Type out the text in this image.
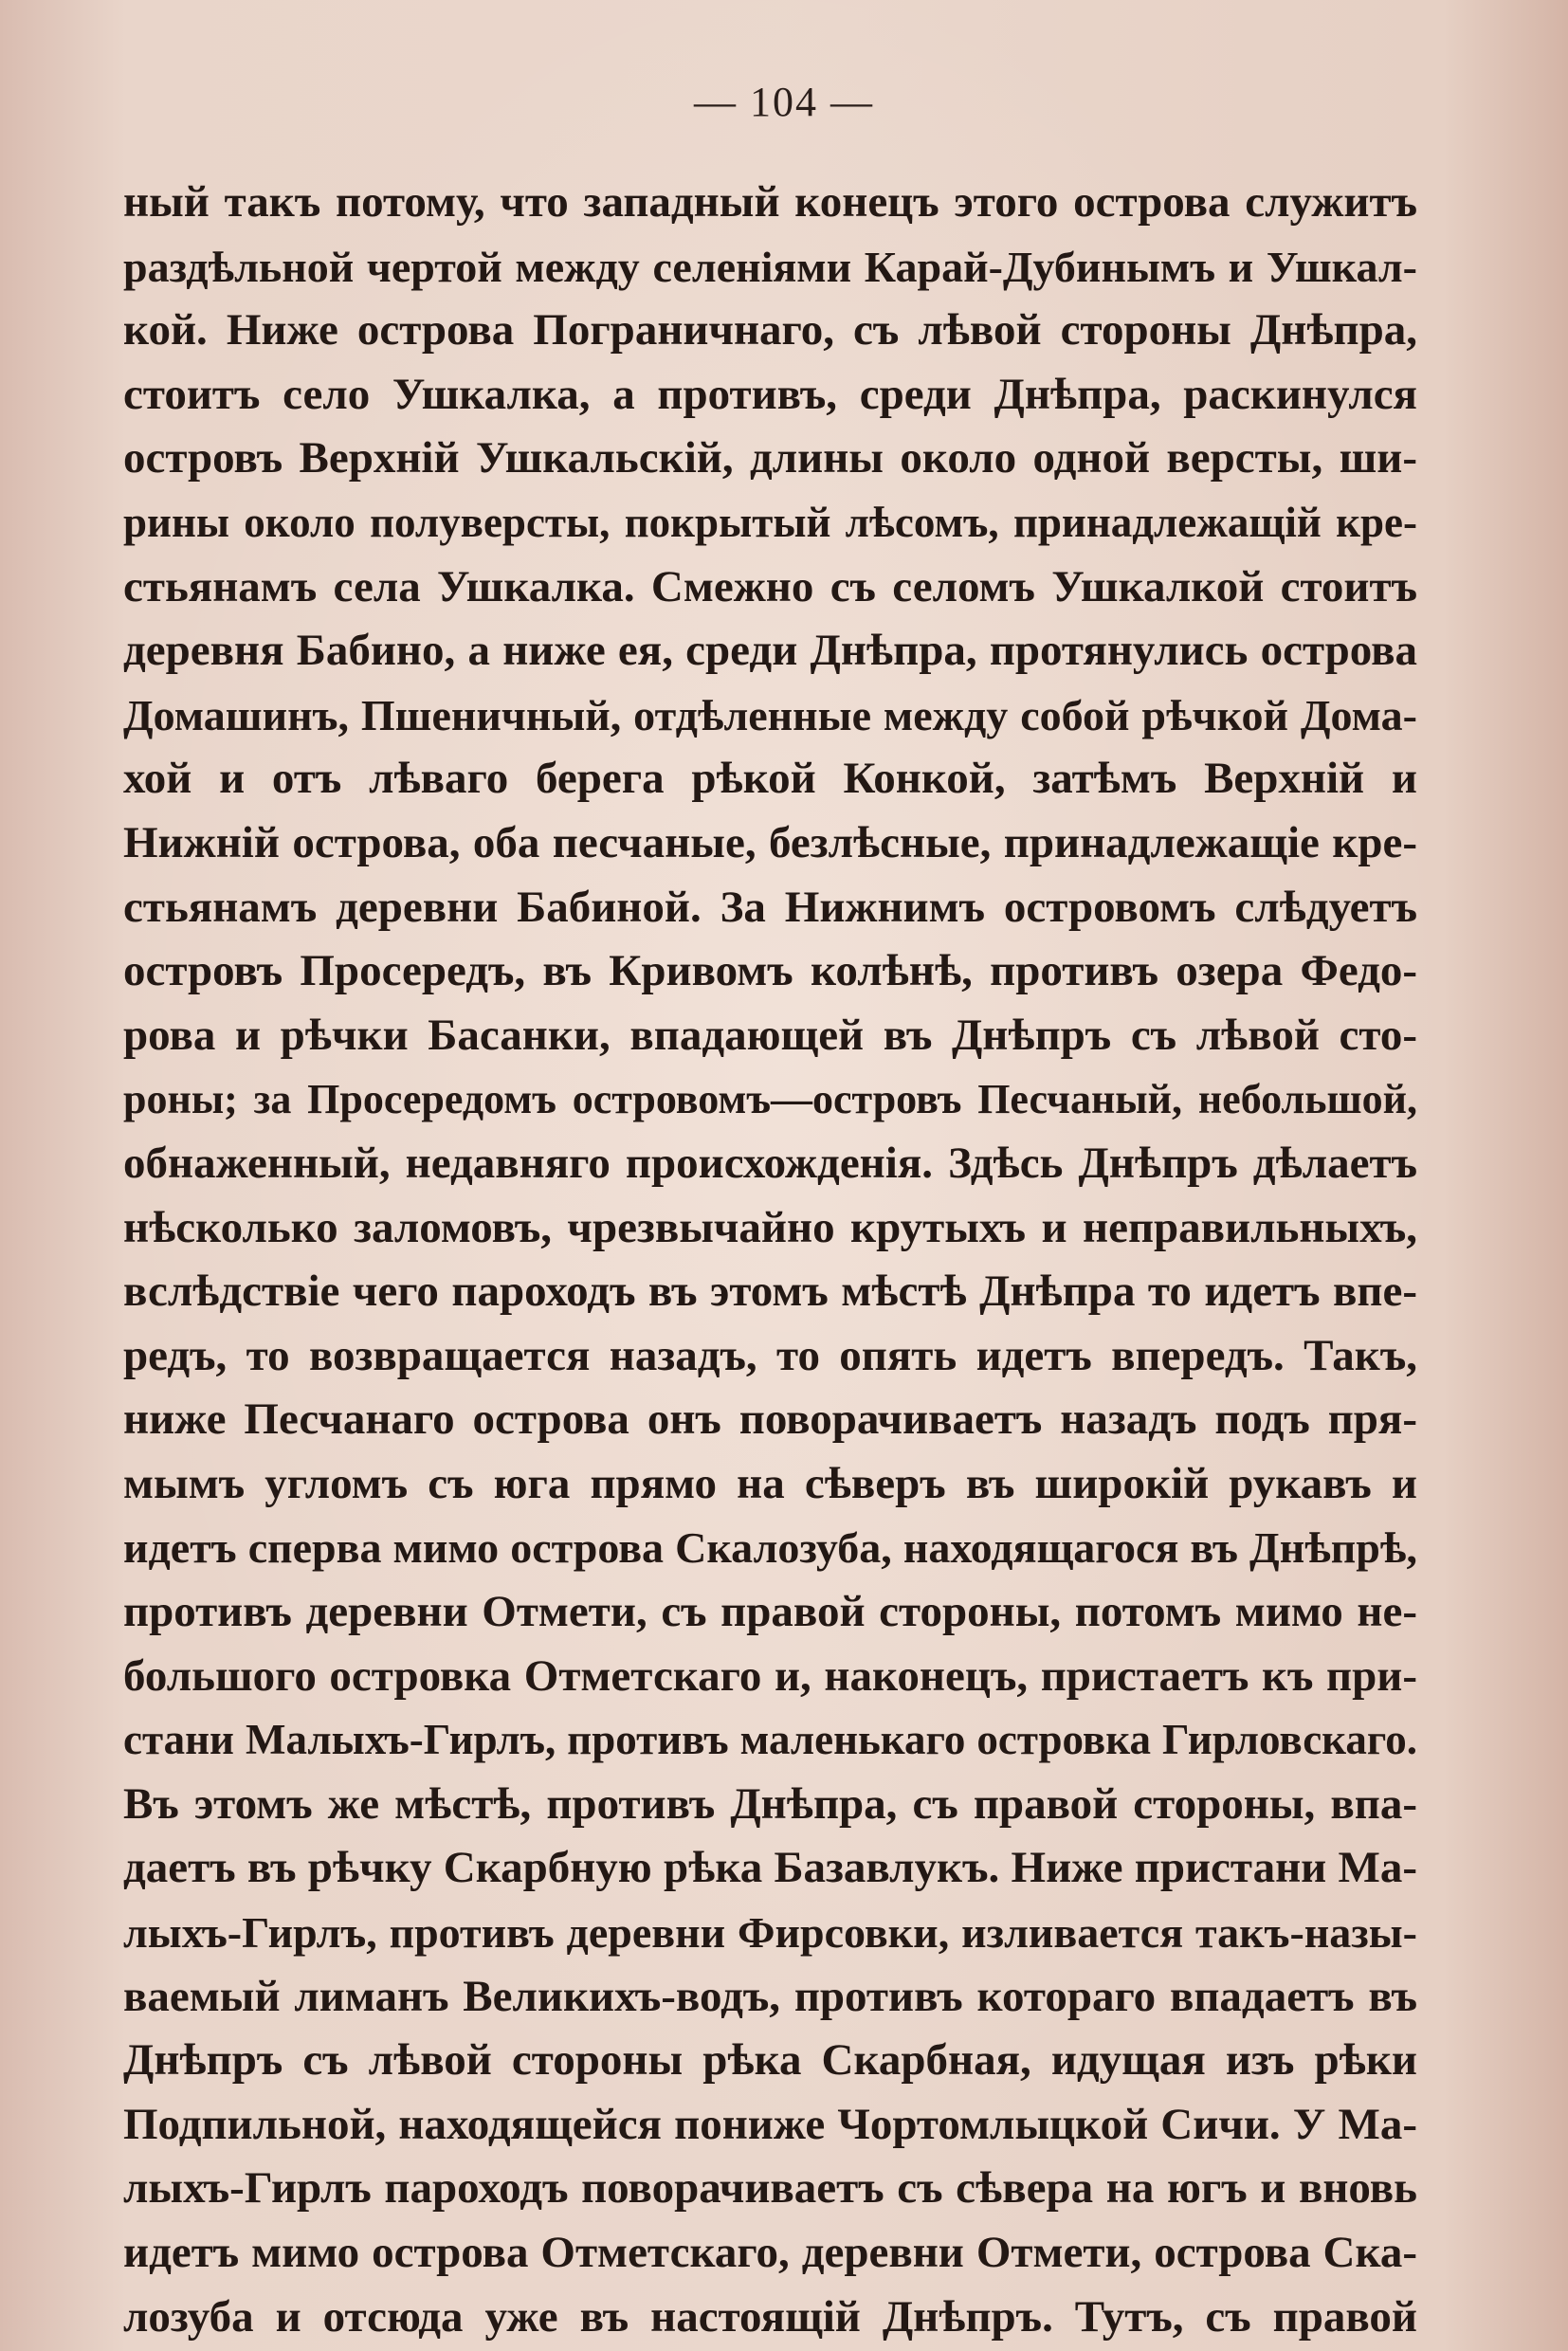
— 104 —
ный такъ потому, что западный конецъ этого острова служитъ
раздѣльной чертой между селеніями Карай-Дубинымъ и Ушкал-
кой. Ниже острова Пограничнаго, съ лѣвой стороны Днѣпра,
стоитъ село Ушкалка, а противъ, среди Днѣпра, раскинулся
островъ Верхній Ушкальскій, длины около одной версты, ши-
рины около полуверсты, покрытый лѣсомъ, принадлежащій кре-
стьянамъ села Ушкалка. Смежно съ селомъ Ушкалкой стоитъ
деревня Бабино, а ниже ея, среди Днѣпра, протянулись острова
Домашинъ, Пшеничный, отдѣленные между собой рѣчкой Дома-
хой и отъ лѣваго берега рѣкой Конкой, затѣмъ Верхній и
Нижній острова, оба песчаные, безлѣсные, принадлежащіе кре-
стьянамъ деревни Бабиной. За Нижнимъ островомъ слѣдуетъ
островъ Просередъ, въ Кривомъ колѣнѣ, противъ озера Федо-
рова и рѣчки Басанки, впадающей въ Днѣпръ съ лѣвой сто-
роны; за Просередомъ островомъ—островъ Песчаный, небольшой,
обнаженный, недавняго происхожденія. Здѣсь Днѣпръ дѣлаетъ
нѣсколько заломовъ, чрезвычайно крутыхъ и неправильныхъ,
вслѣдствіе чего пароходъ въ этомъ мѣстѣ Днѣпра то идетъ впе-
редъ, то возвращается назадъ, то опять идетъ впередъ. Такъ,
ниже Песчанаго острова онъ поворачиваетъ назадъ подъ пря-
мымъ угломъ съ юга прямо на сѣверъ въ широкій рукавъ и
идетъ сперва мимо острова Скалозуба, находящагося въ Днѣпрѣ,
противъ деревни Отмети, съ правой стороны, потомъ мимо не-
большого островка Отметскаго и, наконецъ, пристаетъ къ при-
стани Малыхъ-Гирлъ, противъ маленькаго островка Гирловскаго.
Въ этомъ же мѣстѣ, противъ Днѣпра, съ правой стороны, впа-
даетъ въ рѣчку Скарбную рѣка Базавлукъ. Ниже пристани Ма-
лыхъ-Гирлъ, противъ деревни Фирсовки, изливается такъ-назы-
ваемый лиманъ Великихъ-водъ, противъ котораго впадаетъ въ
Днѣпръ съ лѣвой стороны рѣка Скарбная, идущая изъ рѣки
Подпильной, находящейся пониже Чортомлыцкой Сичи. У Ма-
лыхъ-Гирлъ пароходъ поворачиваетъ съ сѣвера на югъ и вновь
идетъ мимо острова Отметскаго, деревни Отмети, острова Ска-
лозуба и отсюда уже въ настоящій Днѣпръ. Тутъ, съ правой
